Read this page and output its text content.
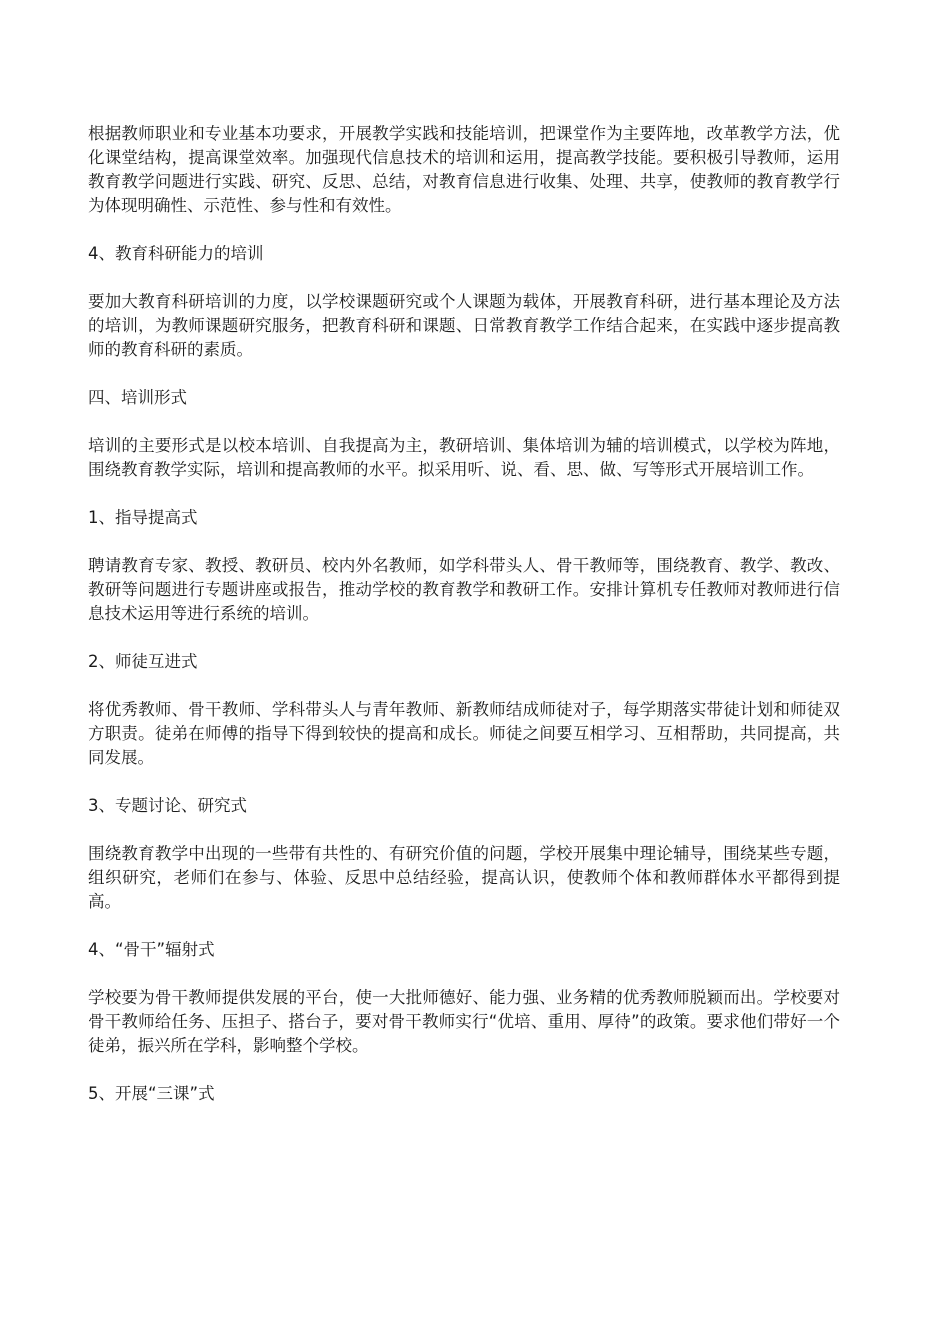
根据教师职业和专业基本功要求，开展教学实践和技能培训，把课堂作为主要阵地，改革教学方法，优化课堂结构，提高课堂效率。加强现代信息技术的培训和运用，提高教学技能。要积极引导教师，运用教育教学问题进行实践、研究、反思、总结，对教育信息进行收集、处理、共享，使教师的教育教学行为体现明确性、示范性、参与性和有效性。

4、教育科研能力的培训

要加大教育科研培训的力度，以学校课题研究或个人课题为载体，开展教育科研，进行基本理论及方法的培训，为教师课题研究服务，把教育科研和课题、日常教育教学工作结合起来，在实践中逐步提高教师的教育科研的素质。

四、培训形式

培训的主要形式是以校本培训、自我提高为主，教研培训、集体培训为辅的培训模式，以学校为阵地，围绕教育教学实际，培训和提高教师的水平。拟采用听、说、看、思、做、写等形式开展培训工作。

1、指导提高式

聘请教育专家、教授、教研员、校内外名教师，如学科带头人、骨干教师等，围绕教育、教学、教改、教研等问题进行专题讲座或报告，推动学校的教育教学和教研工作。安排计算机专任教师对教师进行信息技术运用等进行系统的培训。

2、师徒互进式

将优秀教师、骨干教师、学科带头人与青年教师、新教师结成师徒对子，每学期落实带徒计划和师徒双方职责。徒弟在师傅的指导下得到较快的提高和成长。师徒之间要互相学习、互相帮助，共同提高，共同发展。

3、专题讨论、研究式

围绕教育教学中出现的一些带有共性的、有研究价值的问题，学校开展集中理论辅导，围绕某些专题，组织研究，老师们在参与、体验、反思中总结经验，提高认识，使教师个体和教师群体水平都得到提高。

4、“骨干”辐射式

学校要为骨干教师提供发展的平台，使一大批师德好、能力强、业务精的优秀教师脱颖而出。学校要对骨干教师给任务、压担子、搭台子，要对骨干教师实行“优培、重用、厚待”的政策。要求他们带好一个徒弟，振兴所在学科，影响整个学校。

5、开展“三课”式
